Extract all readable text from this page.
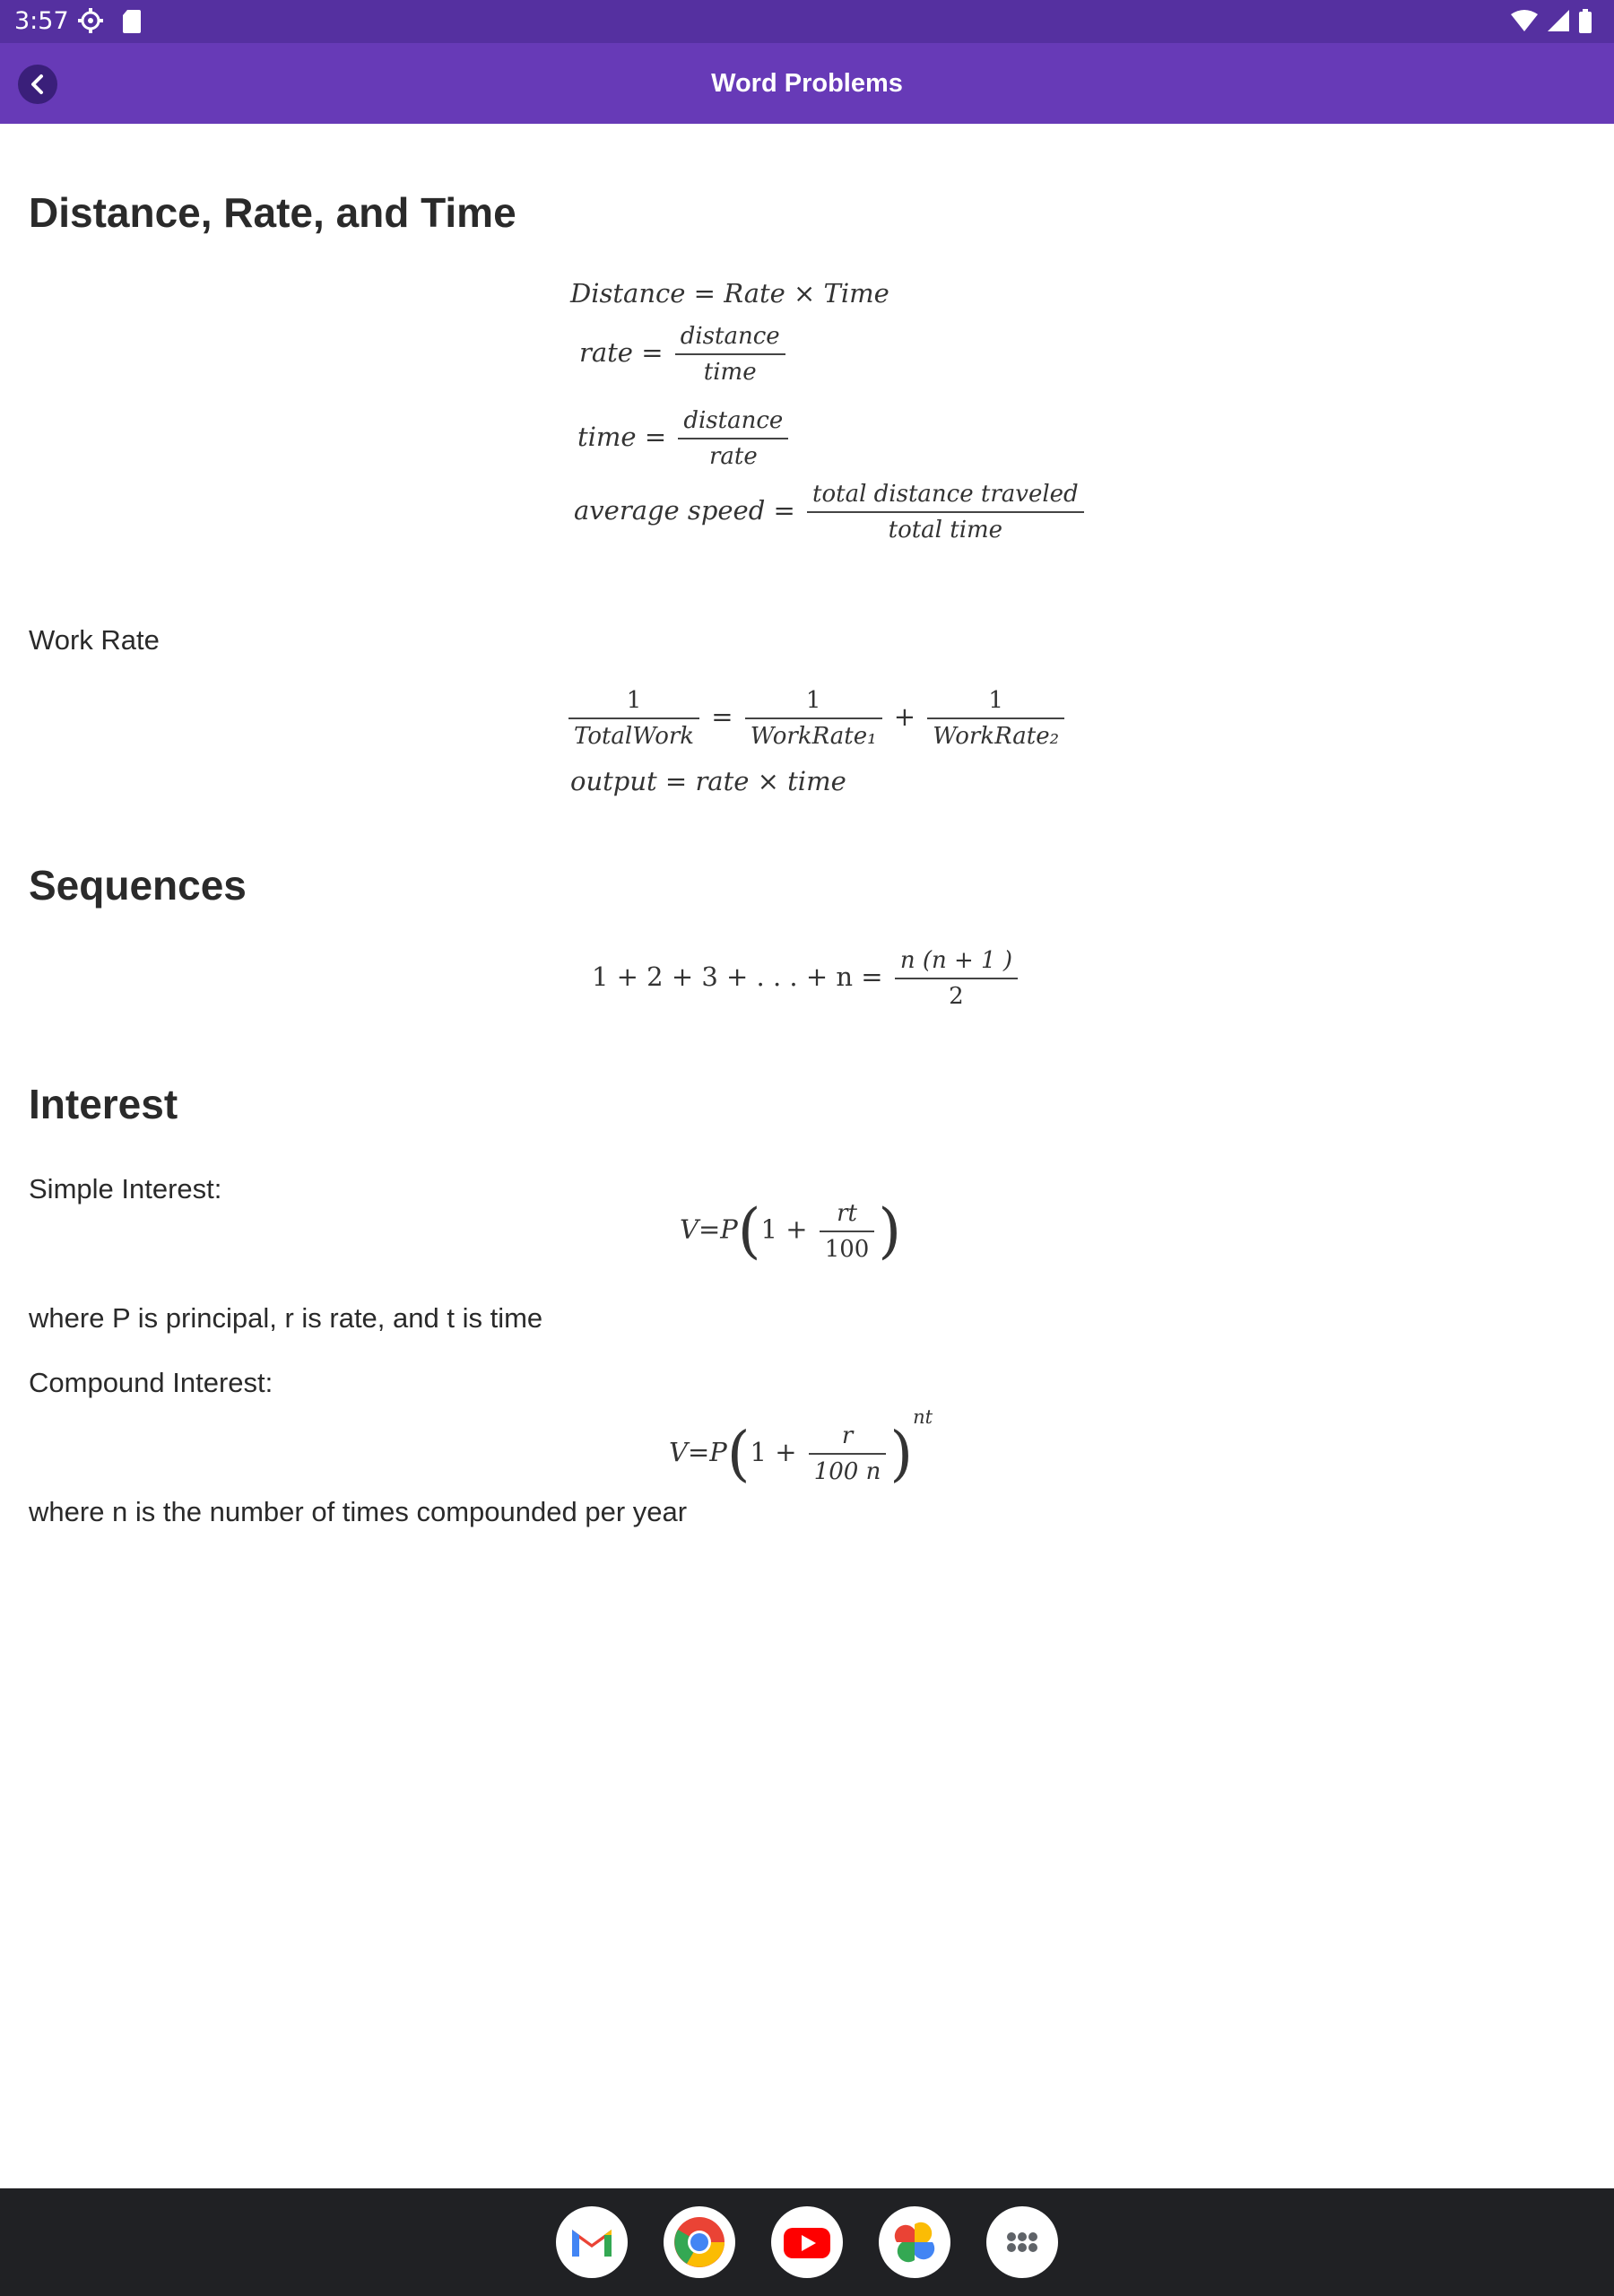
3:57

Word Problems
Distance, Rate, and Time
Distance = Rate × Time
rate = $\frac{\text{distance}}{\text{time}}$
time = $\frac{\text{distance}}{\text{rate}}$
average speed = $\frac{\text{total distance traveled}}{\text{total time}}$

Work Rate

$\frac{1}{\text{TotalWork}} = \frac{1}{\text{WorkRate₁}} + \frac{1}{\text{WorkRate₂}}$
output = rate × time
Sequences
1 + 2 + 3 + . . . + $n = \frac{n (n + 1 )}{2}$
Interest

Simple Interest:

$V=P(1 + \frac{rt}{100}$ )

where P is principal, r is rate, and t is time

Compound Interest:

$V=P(1 + \frac{r}{100 n} )^{nt}$

where n is the number of times compounded per year
